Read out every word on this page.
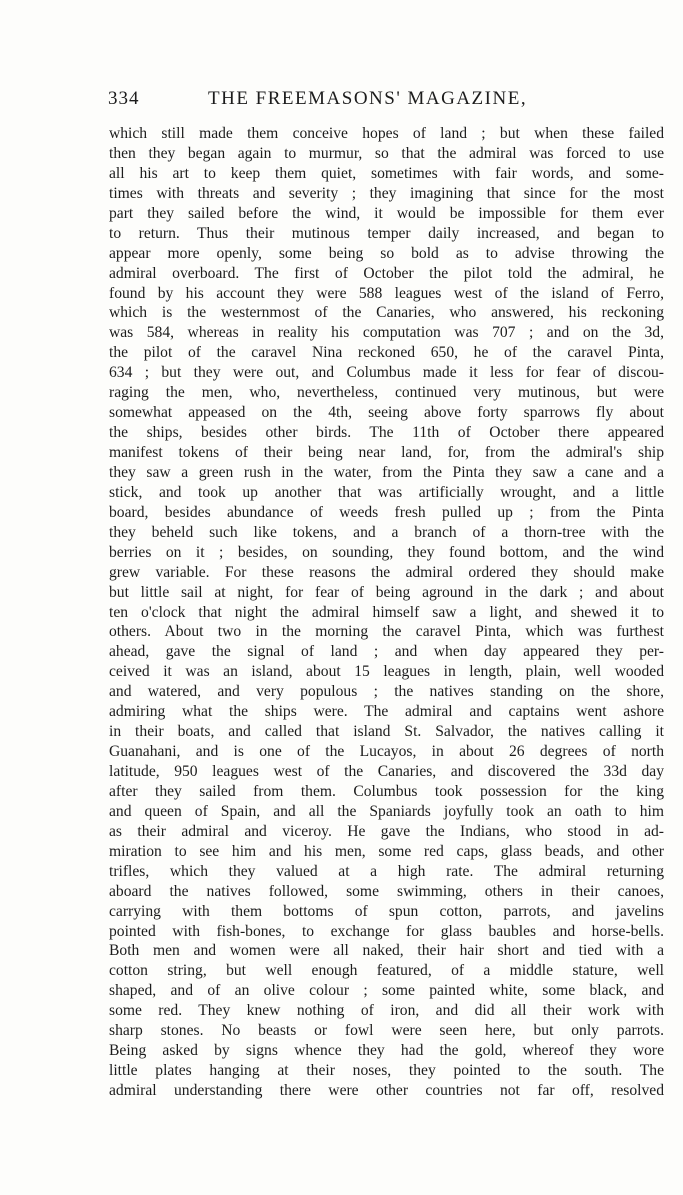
334	THE FREEMASONS' MAGAZINE,
which still made them conceive hopes of land ; but when these failed
then they began again to murmur, so that the admiral was forced to use
all his art to keep them quiet, sometimes with fair words, and some-
times with threats and severity ; they imagining that since for the most
part they sailed before the wind, it would be impossible for them ever
to return. Thus their mutinous temper daily increased, and began to
appear more openly, some being so bold as to advise throwing the
admiral overboard. The first of October the pilot told the admiral, he
found by his account they were 588 leagues west of the island of Ferro,
which is the westernmost of the Canaries, who answered, his reckoning
was 584, whereas in reality his computation was 707 ; and on the 3d,
the pilot of the caravel Nina reckoned 650, he of the caravel Pinta,
634 ; but they were out, and Columbus made it less for fear of discou-
raging the men, who, nevertheless, continued very mutinous, but were
somewhat appeased on the 4th, seeing above forty sparrows fly about
the ships, besides other birds. The 11th of October there appeared
manifest tokens of their being near land, for, from the admiral's ship
they saw a green rush in the water, from the Pinta they saw a cane and a
stick, and took up another that was artificially wrought, and a little
board, besides abundance of weeds fresh pulled up ; from the Pinta
they beheld such like tokens, and a branch of a thorn-tree with the
berries on it ; besides, on sounding, they found bottom, and the wind
grew variable. For these reasons the admiral ordered they should make
but little sail at night, for fear of being aground in the dark ; and about
ten o'clock that night the admiral himself saw a light, and shewed it to
others. About two in the morning the caravel Pinta, which was furthest
ahead, gave the signal of land ; and when day appeared they per-
ceived it was an island, about 15 leagues in length, plain, well wooded
and watered, and very populous ; the natives standing on the shore,
admiring what the ships were. The admiral and captains went ashore
in their boats, and called that island St. Salvador, the natives calling it
Guanahani, and is one of the Lucayos, in about 26 degrees of north
latitude, 950 leagues west of the Canaries, and discovered the 33d day
after they sailed from them. Columbus took possession for the king
and queen of Spain, and all the Spaniards joyfully took an oath to him
as their admiral and viceroy. He gave the Indians, who stood in ad-
miration to see him and his men, some red caps, glass beads, and other
trifles, which they valued at a high rate. The admiral returning
aboard the natives followed, some swimming, others in their canoes,
carrying with them bottoms of spun cotton, parrots, and javelins
pointed with fish-bones, to exchange for glass baubles and horse-bells.
Both men and women were all naked, their hair short and tied with a
cotton string, but well enough featured, of a middle stature, well
shaped, and of an olive colour ; some painted white, some black, and
some red. They knew nothing of iron, and did all their work with
sharp stones. No beasts or fowl were seen here, but only parrots.
Being asked by signs whence they had the gold, whereof they wore
little plates hanging at their noses, they pointed to the south. The
admiral understanding there were other countries not far off, resolved
